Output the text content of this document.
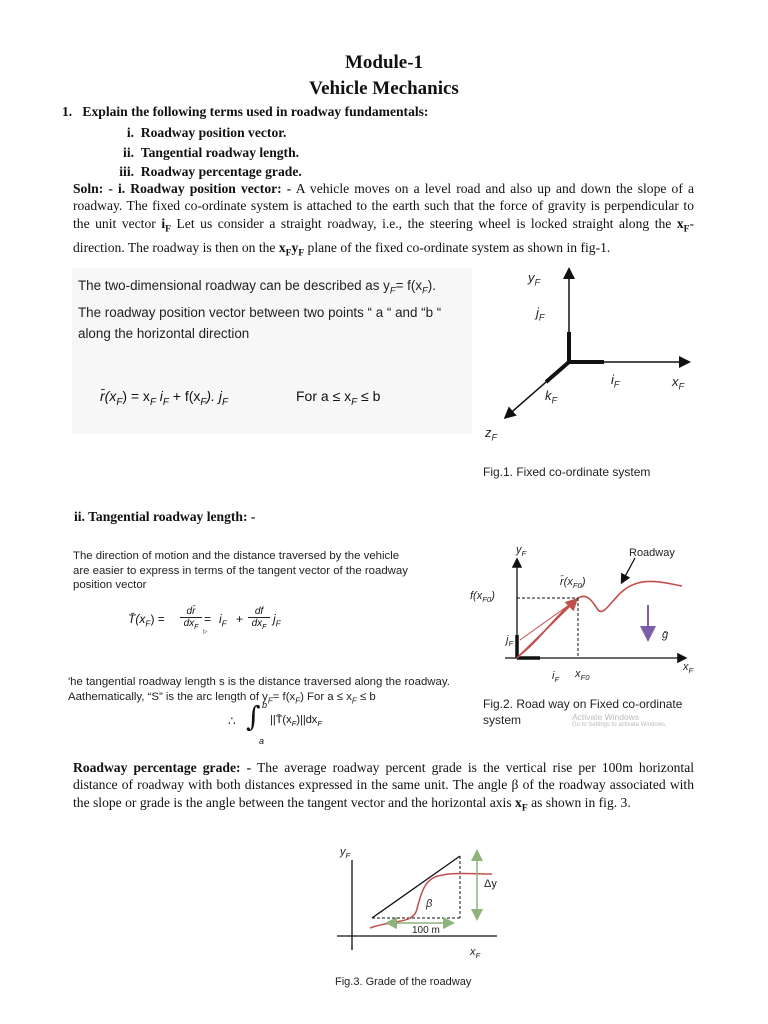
Module-1
Vehicle Mechanics
1. Explain the following terms used in roadway fundamentals:
i. Roadway position vector.
ii. Tangential roadway length.
iii. Roadway percentage grade.
Soln: - i. Roadway position vector: - A vehicle moves on a level road and also up and down the slope of a roadway. The fixed co-ordinate system is attached to the earth such that the force of gravity is perpendicular to the unit vector $i_F$ Let us consider a straight roadway, i.e., the steering wheel is locked straight along the $x_F$-direction. The roadway is then on the $x_Fy_F$ plane of the fixed co-ordinate system as shown in fig-1.
The two-dimensional roadway can be described as $y_F= f(x_F)$.
The roadway position vector between two points “ a “ and “b “
along the horizontal direction
$r̄(x_F) = x_F$ $i_F + f(x_F)$. $j_F$	For $a \le x_F \le b$
$y_F$
$j_F$
$i_F$	$x_F$
$k_F$
$z_F$
Fig.1. Fixed co-ordinate system
ii. Tangential roadway length: -
The direction of motion and the distance traversed by the vehicle
are easier to express in terms of the tangent vector of the roadway
position vector
$T̄(x_F)$ =
dr̄
$dx_F$
= $i_F$ +
df
$dx_F$
$j_F$
▹
'he tangential roadway length s is the distance traversed along the roadway.
Aathematically, “S” is the arc length of $y_F= f(x_F)$ For $a \le x_F \le b$
∴ ∫ b
a
$||T̄(x_F)||dx_F$
$y_F$	Roadway
$r̄(x_{F0})$
$f(x_{F0})$
$j_F$
ḡ
$x_F$
$i_F$ $x_{F0}$
Fig.2. Road way on Fixed co-ordinate
system	Activate Windows
Go to Settings to activate Windows.
Roadway percentage grade: - The average roadway percent grade is the vertical rise per 100m horizontal distance of roadway with both distances expressed in the same unit. The angle β of the roadway associated with the slope or grade is the angle between the tangent vector and the horizontal axis $x_F$ as shown in fig. 3.
$y_F$
Δy
β
100 m
$x_F$
Fig.3. Grade of the roadway
